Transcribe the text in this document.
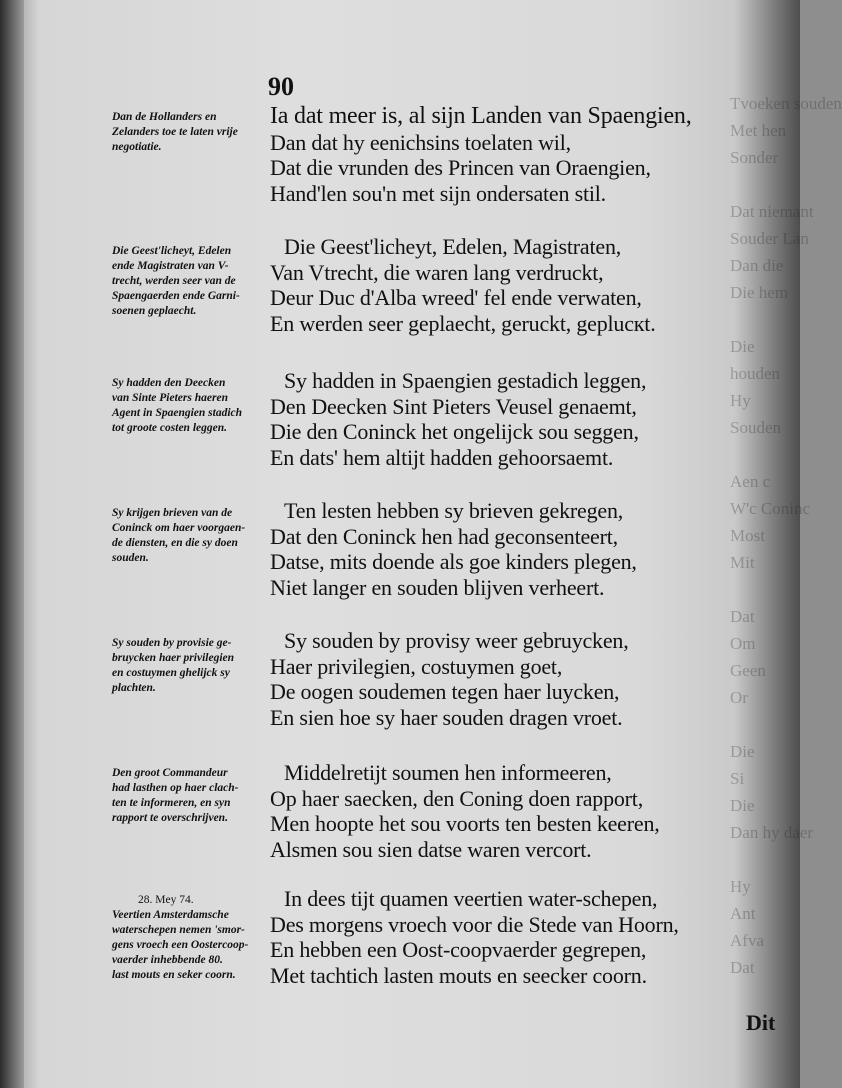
Tvoeken souden
Met hen
Sonder

Dat niemant
Souder Lan
Dan die
Die hem

Die
houden
Hy
Souden

Aen c
W'c Coninc
Most
Mit

Dat
Om
Geen
Or

Die
Si
Die
Dan hy daer

Hy
Ant
Afva
Dat
90
Dan de Hollanders en
Zelanders toe te laten vrije
negotiatie.
Ia dat meer is, al sijn Landen van Spaengien,
Dan dat hy eenichsins toelaten wil,
Dat die vrunden des Princen van Oraengien,
Hand'len sou'n met sijn ondersaten stil.
Die Geest'licheyt, Edelen
ende Magistraten van V-
trecht, werden seer van de
Spaengaerden ende Garni-
soenen geplaecht.
Die Geest'licheyt, Edelen, Magistraten,
Van Vtrecht, die waren lang verdruckt,
Deur Duc d'Alba wreed' fel ende verwaten,
En werden seer geplaecht, geruckt, geplucкt.
Sy hadden den Deecken
van Sinte Pieters haeren
Agent in Spaengien stadich
tot groote costen leggen.
Sy hadden in Spaengien gestadich leggen,
Den Deecken Sint Pieters Veusel genaemt,
Die den Coninck het ongelijck sou seggen,
En dats' hem altijt hadden gehoorsaemt.
Sy krijgen brieven van de
Coninck om haer voorgaen-
de diensten, en die sy doen
souden.
Ten lesten hebben sy brieven gekregen,
Dat den Coninck hen had geconsenteert,
Datse, mits doende als goe kinders plegen,
Niet langer en souden blijven verheert.
Sy souden by provisie ge-
bruycken haer privilegien
en costuymen ghelijck sy
plachten.
Sy souden by provisy weer gebruycken,
Haer privilegien, costuymen goet,
De oogen soudemen tegen haer luycken,
En sien hoe sy haer souden dragen vroet.
Den groot Commandeur
had lasthen op haer clach-
ten te informeren, en syn
rapport te overschrijven.
Middelretijt soumen hen informeeren,
Op haer saecken, den Coning doen rapport,
Men hoopte het sou voorts ten besten keeren,
Alsmen sou sien datse waren vercort.
28. Mey 74.
Veertien Amsterdamsche
waterschepen nemen 'smor-
gens vroech een Oostercoop-
vaerder inhebbende 80.
last mouts en seker coorn.
In dees tijt quamen veertien water-schepen,
Des morgens vroech voor die Stede van Hoorn,
En hebben een Oost-coopvaerder gegrepen,
Met tachtich lasten mouts en seecker coorn.
Dit
